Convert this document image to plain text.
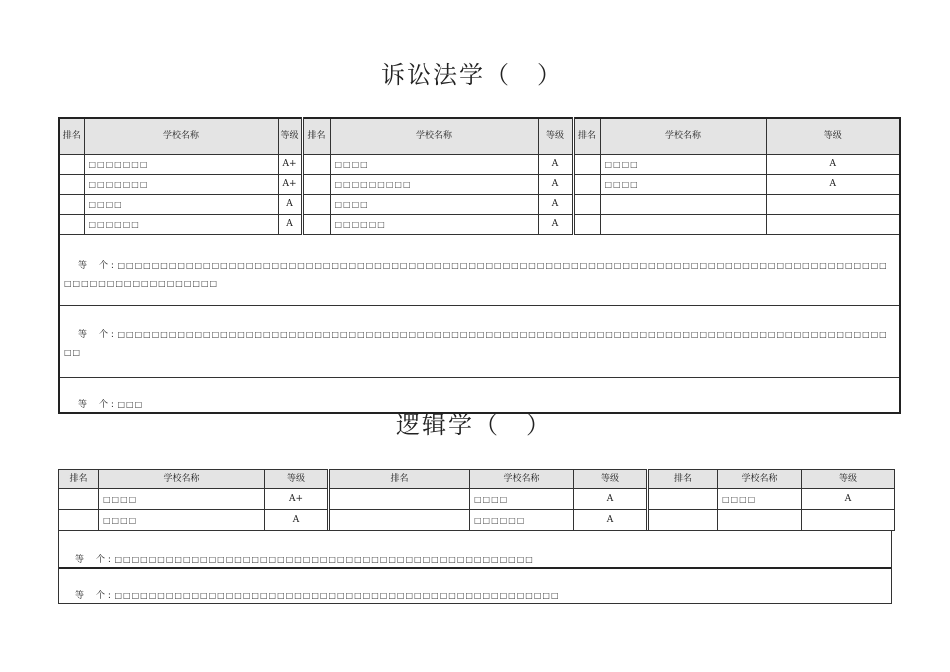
诉讼法学（　）
排名	学校名称	等级	排名	学校名称	等级	排名	学校名称	等级
	□□□□□□□	A+		□□□□	A		□□□□	A
	□□□□□□□	A+		□□□□□□□□□	A		□□□□	A
	□□□□	A		□□□□	A			
	□□□□□□	A		□□□□□□	A			
等 个 : □□□□□□□□□□□□□□□□□□□□□□□□□□□□□□□□□□□□□□□□□□□□□□□□□□□□□□□□□□□□□□□□□□□□□□□□□□□□□□□□□□□□□□□□□□□□□□□□□□□□□□□□□□□□								
等 个 : □□□□□□□□□□□□□□□□□□□□□□□□□□□□□□□□□□□□□□□□□□□□□□□□□□□□□□□□□□□□□□□□□□□□□□□□□□□□□□□□□□□□□□□□□□□□								
等 个 : □□□								
逻辑学（　）
排名	学校名称	等级	排名	学校名称	等级	排名	学校名称	等级
	□□□□	A+		□□□□	A		□□□□	A
	□□□□	A		□□□□□□	A			
等 个 : □□□□□□□□□□□□□□□□□□□□□□□□□□□□□□□□□□□□□□□□□□□□□□□□□
等 个 : □□□□□□□□□□□□□□□□□□□□□□□□□□□□□□□□□□□□□□□□□□□□□□□□□□□□
